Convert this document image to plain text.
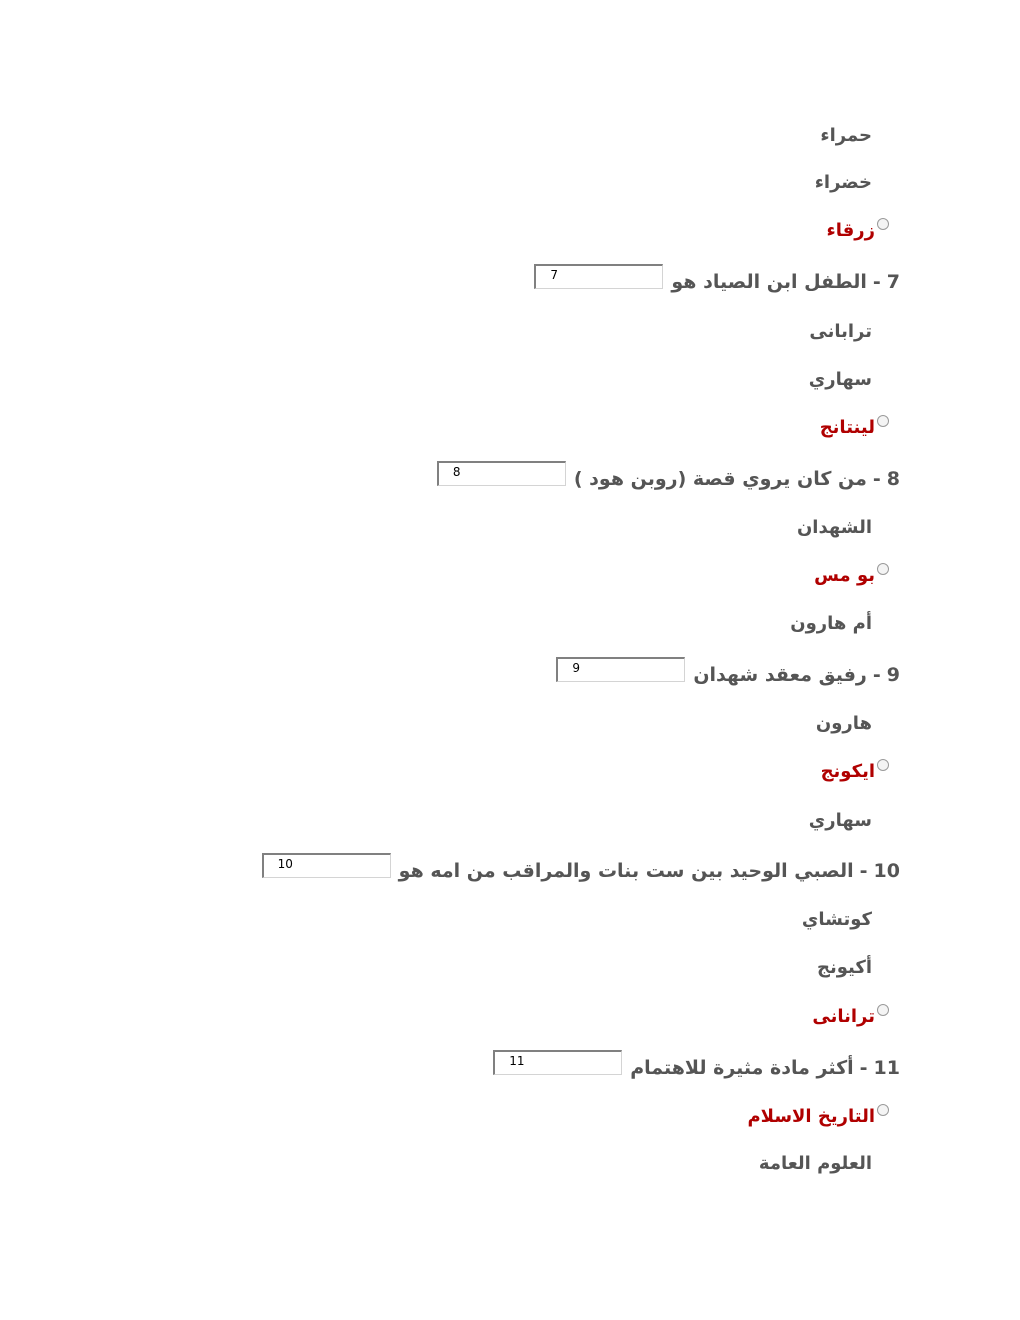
حمراء
خضراء
زرقاء
7
-
الطفل ابن الصياد هو
7
ترابانى
سهاري
لينتانج
8
-
من كان يروي قصة (روبن هود )
8
الشهدان
بو مس
أم هارون
9
-
رفيق معقد شهدان
9
هارون
ايكونج
سهاري
10
-
الصبي الوحيد بين ست بنات والمراقب من امه هو
10
كوتشاي
أكيونج
ترانانى
11
-
أكثر مادة مثيرة للاهتمام
11
التاريخ الاسلام
العلوم العامة
